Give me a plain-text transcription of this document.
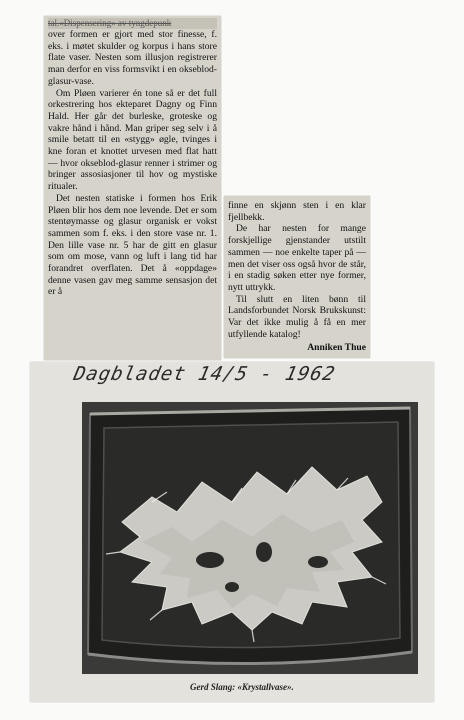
tal.«Dispensering» av tyngdepunk

over formen er gjort med stor finesse, f. eks. i møtet skulder og korpus i hans store flate vaser. Nesten som illusjon registrerer man derfor en viss formsvikt i en okseblod-glasur-vase.

Om Pløen varierer én tone så er det full orkestrering hos ekteparet Dagny og Finn Hald. Her går det burleske, groteske og vakre hånd i hånd. Man griper seg selv i å smile betatt til en «stygg» øgle, tvinges i kne foran et knottet urvesen med flat hatt — hvor okseblod-glasur renner i strimer og bringer assosiasjoner til hov og mystiske ritualer.

Det nesten statiske i formen hos Erik Pløen blir hos dem noe levende. Det er som stentøymasse og glasur organisk er vokst sammen som f. eks. i den store vase nr. 1. Den lille vase nr. 5 har de gitt en glasur som om mose, vann og luft i lang tid har forandret overflaten. Det å «oppdage» denne vasen gav meg samme sensasjon det er å

finne en skjønn sten i en klar fjellbekk.

De har nesten for mange forskjellige gjenstander utstilt sammen — noe enkelte taper på — men det viser oss også hvor de står, i en stadig søken etter nye former, nytt uttrykk.

Til slutt en liten bønn til Landsforbundet Norsk Brukskunst: Var det ikke mulig å få en mer utfyllende katalog!

Anniken Thue

Dagbladet 14/5 - 1962
Gerd Slang: «Krystallvase».
